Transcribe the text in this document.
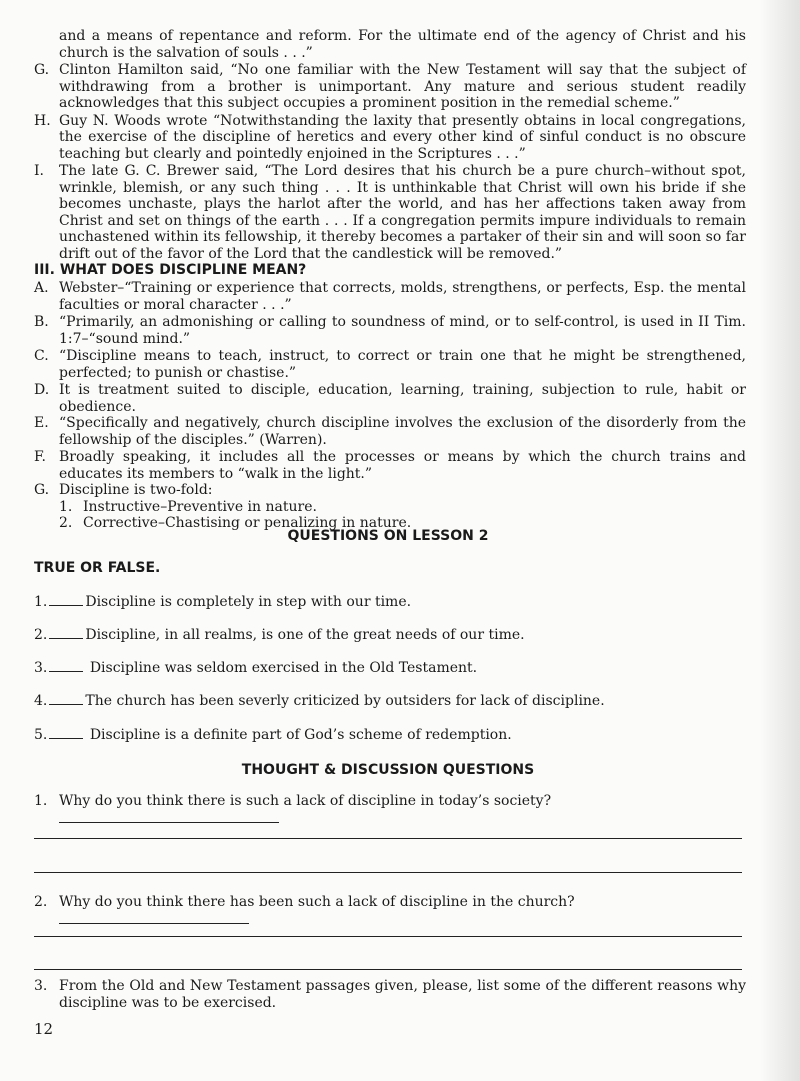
and a means of repentance and reform. For the ultimate end of the agency of Christ and his church is the salvation of souls . . .”
G. Clinton Hamilton said, “No one familiar with the New Testament will say that the subject of withdrawing from a brother is unimportant. Any mature and serious student readily acknowledges that this subject occupies a prominent position in the remedial scheme.”
H. Guy N. Woods wrote “Notwithstanding the laxity that presently obtains in local congregations, the exercise of the discipline of heretics and every other kind of sinful conduct is no obscure teaching but clearly and pointedly enjoined in the Scriptures . . .”
I. The late G. C. Brewer said, “The Lord desires that his church be a pure church–without spot, wrinkle, blemish, or any such thing . . . It is unthinkable that Christ will own his bride if she becomes unchaste, plays the harlot after the world, and has her affections taken away from Christ and set on things of the earth . . . If a congregation permits impure individuals to remain unchastened within its fellowship, it thereby becomes a partaker of their sin and will soon so far drift out of the favor of the Lord that the candlestick will be removed.”
III. WHAT DOES DISCIPLINE MEAN?
A. Webster–“Training or experience that corrects, molds, strengthens, or perfects, Esp. the mental faculties or moral character . . .”
B. “Primarily, an admonishing or calling to soundness of mind, or to self-control, is used in II Tim. 1:7–“sound mind.”
C. “Discipline means to teach, instruct, to correct or train one that he might be strengthened, perfected; to punish or chastise.”
D. It is treatment suited to disciple, education, learning, training, subjection to rule, habit or obedience.
E. “Specifically and negatively, church discipline involves the exclusion of the disorderly from the fellowship of the disciples.” (Warren).
F. Broadly speaking, it includes all the processes or means by which the church trains and educates its members to “walk in the light.”
G. Discipline is two-fold:
1. Instructive–Preventive in nature.
2. Corrective–Chastising or penalizing in nature.
QUESTIONS ON LESSON 2
TRUE OR FALSE.
1.	Discipline is completely in step with our time.
2.	Discipline, in all realms, is one of the great needs of our time.
3.	Discipline was seldom exercised in the Old Testament.
4.	The church has been severly criticized by outsiders for lack of discipline.
5.	Discipline is a definite part of God’s scheme of redemption.
THOUGHT & DISCUSSION QUESTIONS
1. Why do you think there is such a lack of discipline in today’s society?
2. Why do you think there has been such a lack of discipline in the church?
3. From the Old and New Testament passages given, please, list some of the different reasons why discipline was to be exercised.
12
